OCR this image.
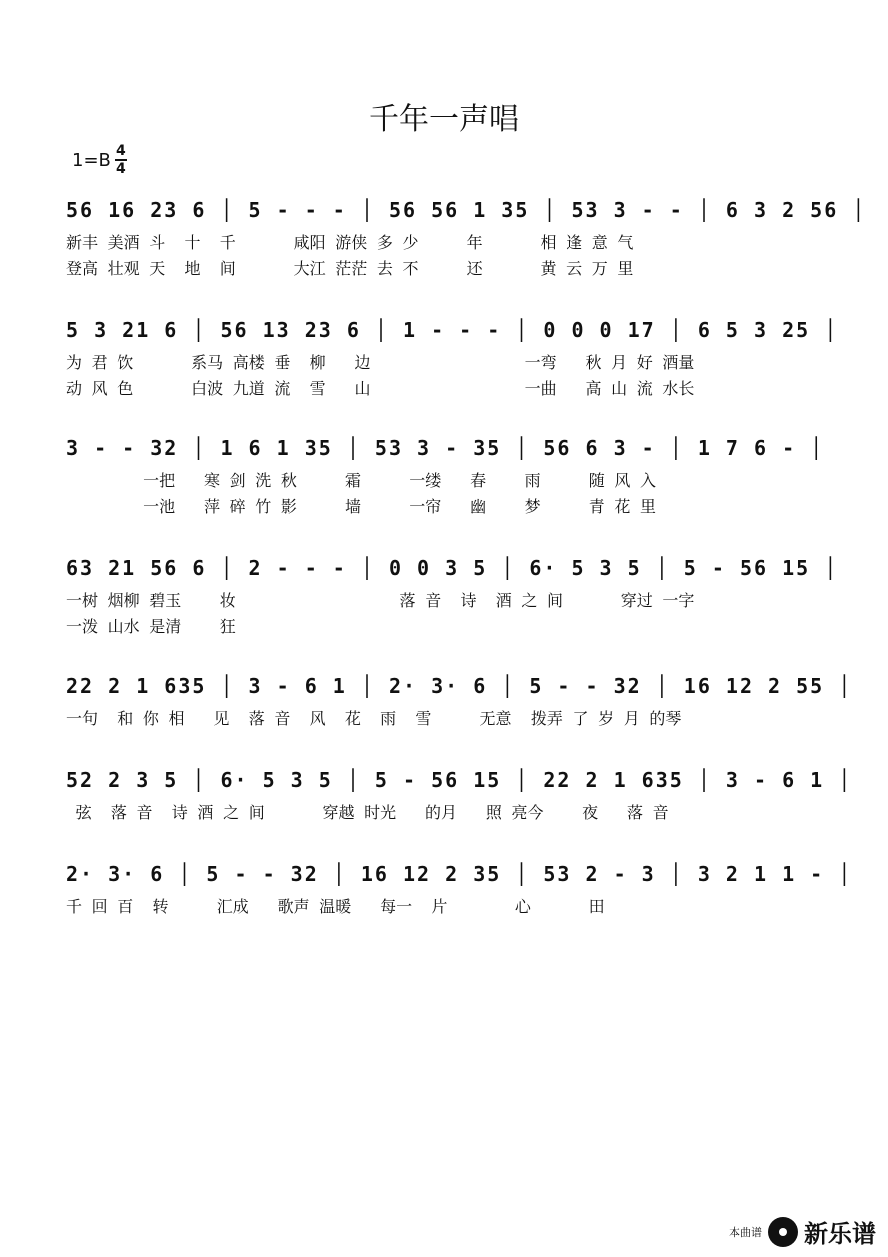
千年一声唱
$1=B \frac{4}{4}$
56 16 23 6 │ 5 - - - │ 56 56 1 35 │ 53 3 - - │ 6 3 2 56 │
新丰 美酒 斗  十  千      咸阳 游侠 多 少     年      相 逢 意 气
登高 壮观 天  地  间      大江 茫茫 去 不     还      黄 云 万 里
5 3 21 6 │ 56 13 23 6 │ 1 - - - │ 0 0 0 17 │ 6 5 3 25 │
为 君 饮      系马 高楼 垂  柳   边                一弯   秋 月 好 酒量
动 风 色      白波 九道 流  雪   山                一曲   高 山 流 水长
3 - - 32 │ 1 6 1 35 │ 53 3 - 35 │ 56 6 3 - │ 1 7 6 - │
一把   寒 剑 洗 秋     霜     一缕   春    雨     随 风 入
一池   萍 碎 竹 影     墙     一帘   幽    梦     青 花 里
63 21 56 6 │ 2 - - - │ 0 0 3 5 │ 6· 5 3 5 │ 5 - 56 15 │
一树 烟柳 碧玉    妆                 落 音  诗  酒 之 间      穿过 一字
一泼 山水 是清    狂
22 2 1 635 │ 3 - 6 1 │ 2· 3· 6 │ 5 - - 32 │ 16 12 2 55 │
一句  和 你 相   见  落 音  风  花  雨  雪     无意  拨弄 了 岁 月 的琴
52 2 3 5 │ 6· 5 3 5 │ 5 - 56 15 │ 22 2 1 635 │ 3 - 6 1 │
弦  落 音  诗 酒 之 间      穿越 时光   的月   照 亮今    夜   落 音
2· 3· 6 │ 5 - - 32 │ 16 12 2 35 │ 53 2 - 3 │ 3 2 1 1 - │
千 回 百  转     汇成   歌声 温暖   每一  片       心      田
本曲谱 新乐谱
